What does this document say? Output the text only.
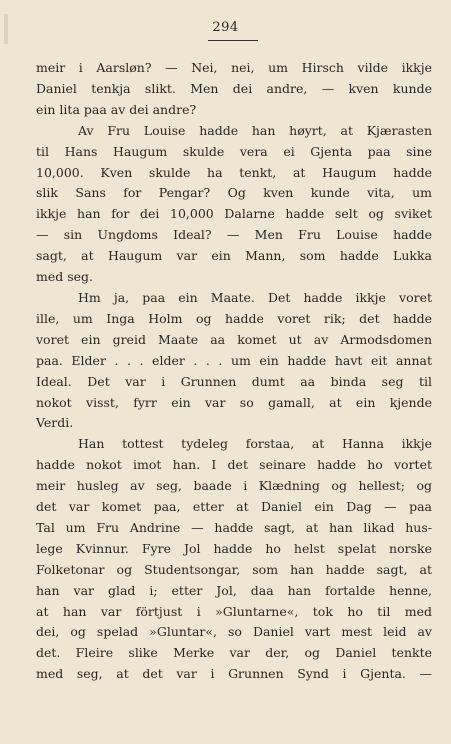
294
meir i Aarsløn? — Nei, nei, um Hirsch vilde ikkje
Daniel tenkja slikt. Men dei andre, — kven kunde
ein lita paa av dei andre?
Av Fru Louise hadde han høyrt, at Kjærasten
til Hans Haugum skulde vera ei Gjenta paa sine
10,000. Kven skulde ha tenkt, at Haugum hadde
slik Sans for Pengar? Og kven kunde vita, um
ikkje han for dei 10,000 Dalarne hadde selt og sviket
— sin Ungdoms Ideal? — Men Fru Louise hadde
sagt, at Haugum var ein Mann, som hadde Lukka
med seg.
Hm ja, paa ein Maate. Det hadde ikkje voret
ille, um Inga Holm og hadde voret rik; det hadde
voret ein greid Maate aa komet ut av Armodsdomen
paa. Elder . . . elder . . . um ein hadde havt eit annat
Ideal. Det var i Grunnen dumt aa binda seg til
nokot visst, fyrr ein var so gamall, at ein kjende
Verdi.
Han tottest tydeleg forstaa, at Hanna ikkje
hadde nokot imot han. I det seinare hadde ho vortet
meir husleg av seg, baade i Klædning og hellest; og
det var komet paa, etter at Daniel ein Dag — paa
Tal um Fru Andrine — hadde sagt, at han likad hus-
lege Kvinnur. Fyre Jol hadde ho helst spelat norske
Folketonar og Studentsongar, som han hadde sagt, at
han var glad i; etter Jol, daa han fortalde henne,
at han var förtjust i »Gluntarne«, tok ho til med
dei, og spelad »Gluntar«, so Daniel vart mest leid av
det. Fleire slike Merke var der, og Daniel tenkte
med seg, at det var i Grunnen Synd i Gjenta. —
